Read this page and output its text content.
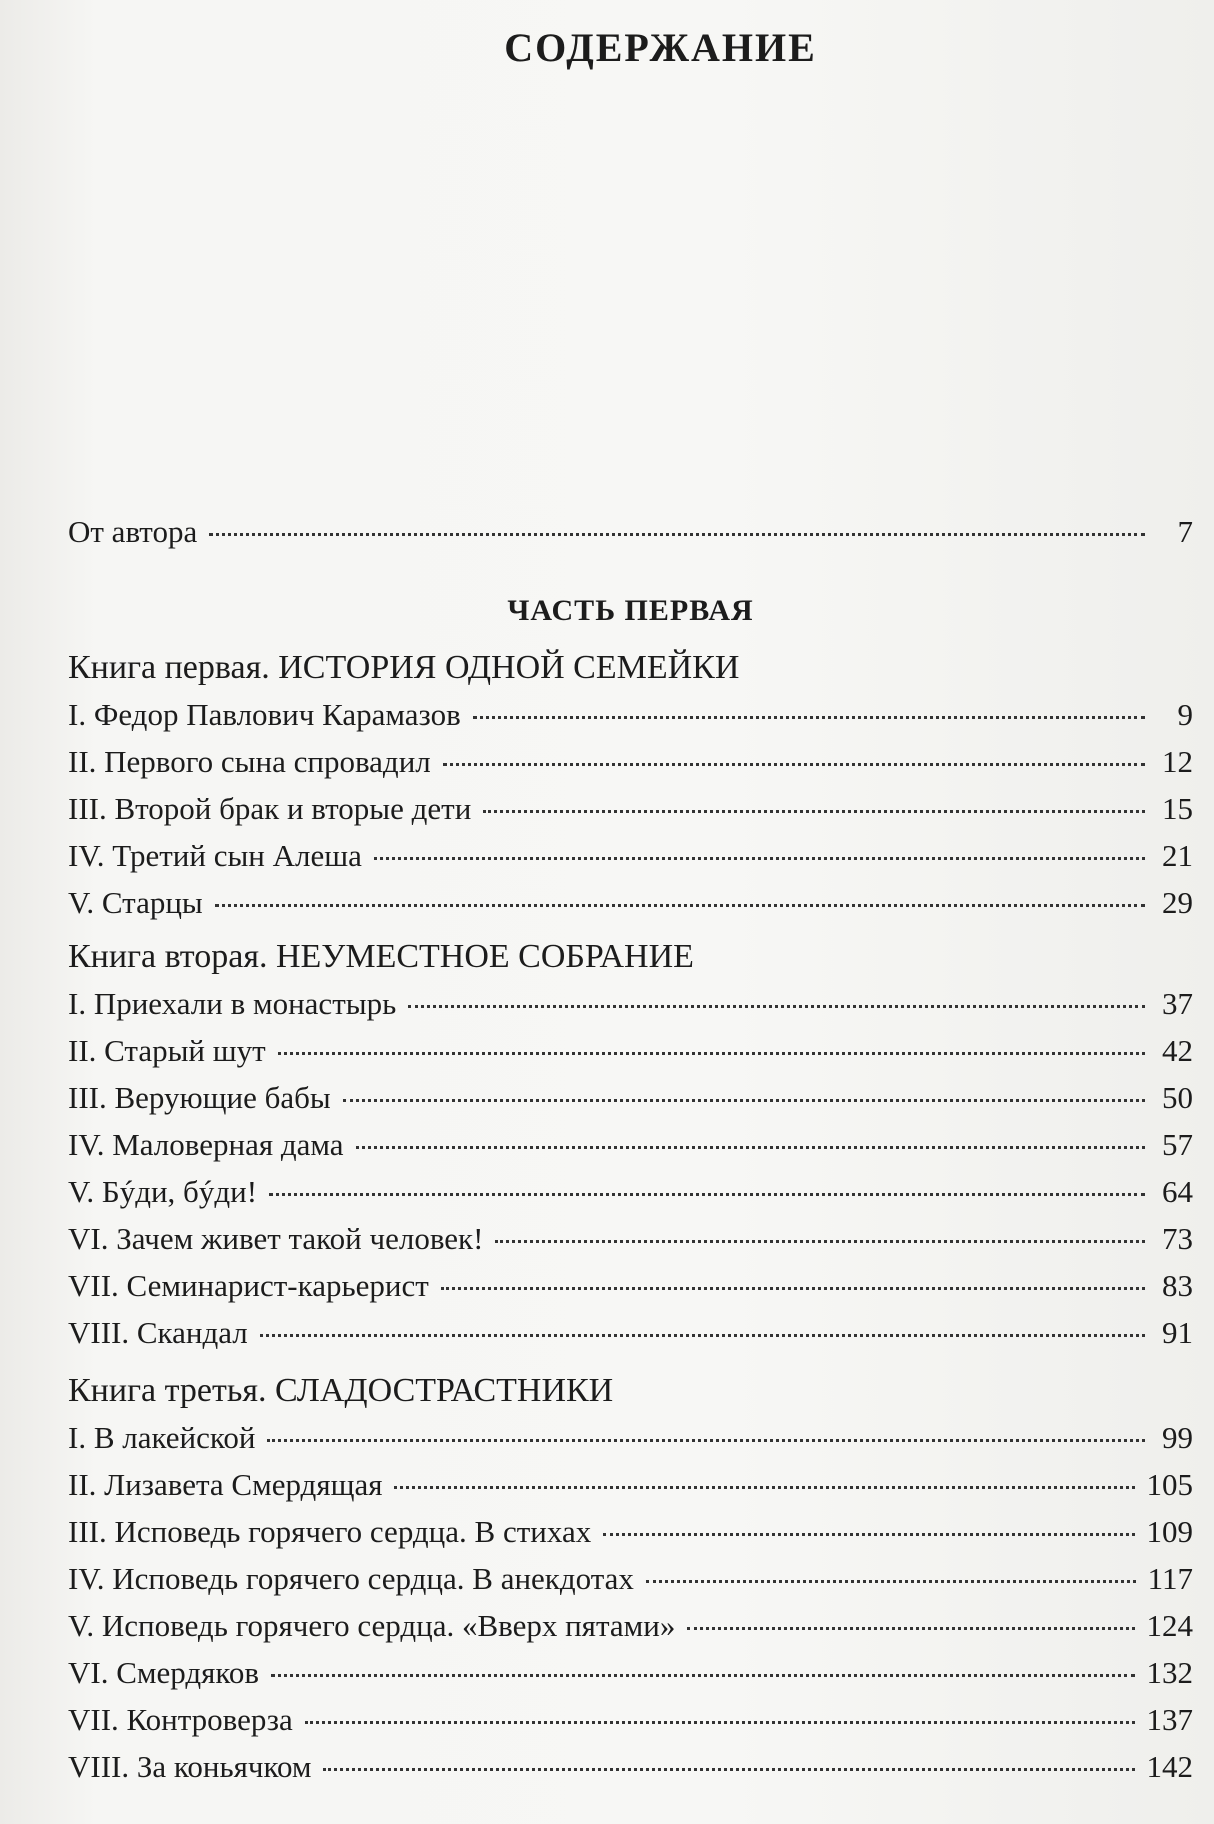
СОДЕРЖАНИЕ
От автора	7
ЧАСТЬ ПЕРВАЯ
Книга первая. ИСТОРИЯ ОДНОЙ СЕМЕЙКИ
I. Федор Павлович Карамазов	9
II. Первого сына спровадил	12
III. Второй брак и вторые дети	15
IV. Третий сын Алеша	21
V. Старцы	29
Книга вторая. НЕУМЕСТНОЕ СОБРАНИЕ
I. Приехали в монастырь	37
II. Старый шут	42
III. Верующие бабы	50
IV. Маловерная дама	57
V. Бýди, бýди!	64
VI. Зачем живет такой человек!	73
VII. Семинарист-карьерист	83
VIII. Скандал	91
Книга третья. СЛАДОСТРАСТНИКИ
I. В лакейской	99
II. Лизавета Смердящая	105
III. Исповедь горячего сердца. В стихах	109
IV. Исповедь горячего сердца. В анекдотах	117
V. Исповедь горячего сердца. «Вверх пятами»	124
VI. Смердяков	132
VII. Контроверза	137
VIII. За коньячком	142
